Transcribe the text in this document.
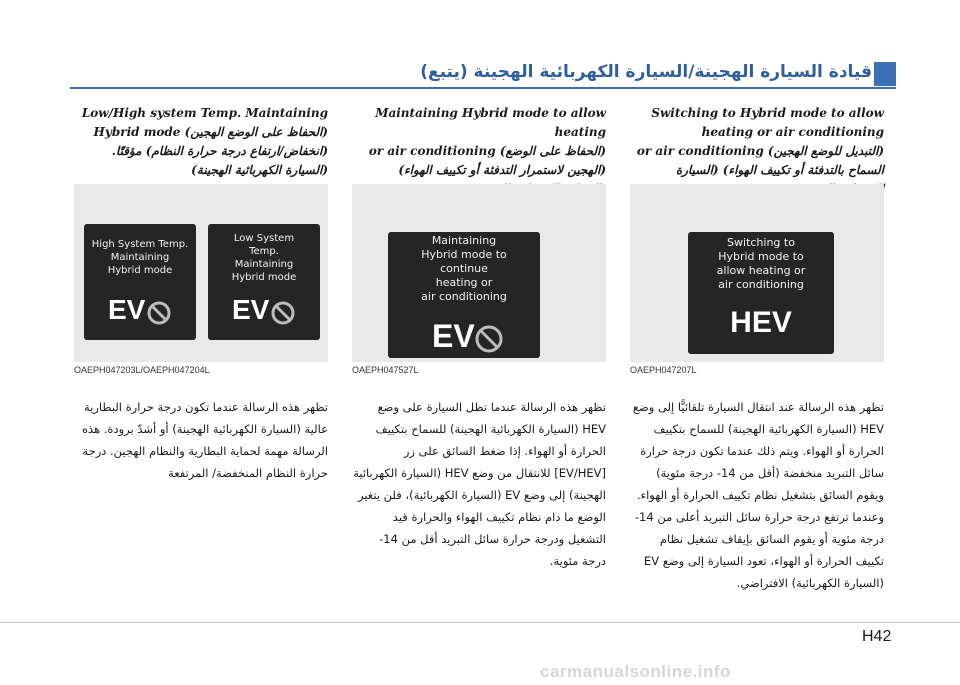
قيادة السيارة الهجينة/السيارة الكهربائية الهجينة (يتبع)
Switching to Hybrid mode to allow heating or air conditioning
(التبديل للوضع الهجين) or air conditioning السماح بالتدفئة أو تكييف الهواء) (السيارة
Maintaining Hybrid mode to allow heating
(الحفاظ على الوضع) or air conditioning (الهجين لاستمرار التدفئة أو تكييف الهواء)
Low/High system Temp. Maintaining
(الحفاظ على الوضع الهجين) Hybrid mode (انخفاض/ارتفاع درجة حرارة النظام) مؤقتًا. (السيارة الكهربائية الهجينة)
Switching to
Hybrid mode to
allow heating or
air conditioning
HEV
OAEPH047207L
Maintaining
Hybrid mode to
continue
heating or
air conditioning
EV
OAEPH047527L
High System Temp.
Maintaining
Hybrid mode
EV
Low System
Temp.
Maintaining
Hybrid mode
EV
OAEPH047203L/OAEPH047204L
تظهر هذه الرسالة عند انتقال السيارة تلقائيًّا إلى وضع HEV (السيارة الكهربائية الهجينة) للسماح بتكييف الحرارة أو الهواء. ويتم ذلك عندما تكون درجة حرارة سائل التبريد منخفضة (أقل من 14- درجة مئوية) ويقوم السائق بتشغيل نظام تكييف الحرارة أو الهواء. وعندما ترتفع درجة حرارة سائل التبريد أعلى من 14- درجة مئوية أو يقوم السائق بإيقاف تشغيل نظام تكييف الحرارة أو الهواء، تعود السيارة إلى وضع EV (السيارة الكهربائية) الافتراضي.
تظهر هذه الرسالة عندما تظل السيارة على وضع HEV (السيارة الكهربائية الهجينة) للسماح بتكييف الحرارة أو الهواء. إذا ضغط السائق على زر [EV/HEV] للانتقال من وضع HEV (السيارة الكهربائية الهجينة) إلى وضع EV (السيارة الكهربائية)، فلن يتغير الوضع ما دام نظام تكييف الهواء والحرارة قيد التشغيل ودرجة حرارة سائل التبريد أقل من 14- درجة مئوية.
تظهر هذه الرسالة عندما تكون درجة حرارة البطارية عالية (السيارة الكهربائية الهجينة) أو أشدّ برودة. هذه الرسالة مهمة لحماية البطارية والنظام الهجين. درجة حرارة النظام المنخفضة/ المرتفعة
H42
carmanualsonline.info
